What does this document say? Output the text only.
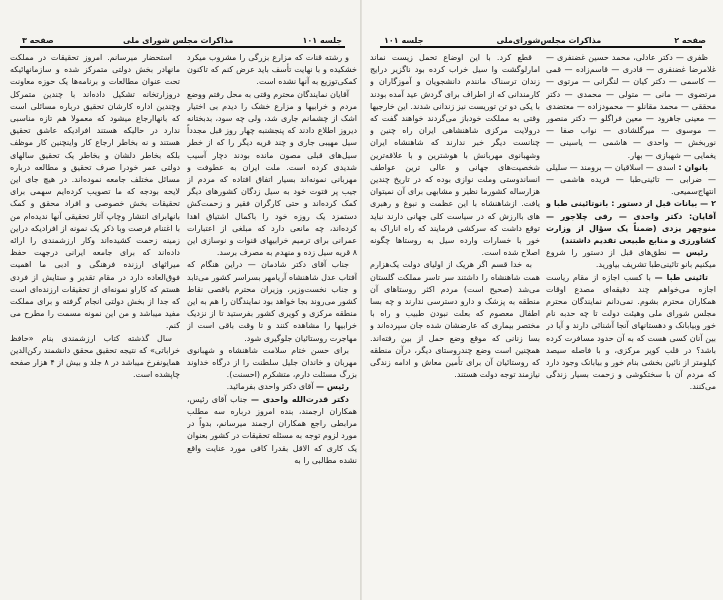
جلسه ۱۰۱
مذاکرات مجلس شورای ملی
صفحه ۳

و رشته قنات که مزارع بزرگی را مشروب میکرد خشکیده و با نهایت تأسف باید عرض کنم که تاکنون کمکی‌توزیع به آنها نشده است.

آقایان نمایندگان محترم وقتی به محل رفتم ووضع مردم و خرابیها و مزارع خشک را دیدم بی اختیار اشک از چشمانم جاری شد، ولی چه سود، بدبختانه دیروز اطلاع دادند که پنجشنبه چهار روز قبل مجدداً سیل مهیبی جاری و چند قریه دیگر را که از خطر سیل‌های قبلی مصون مانده بودند دچار آسیب شدیدی کرده است. ملت ایران به عطوفت و مهربانی نمونه‌اند بسیار اتفاق افتاده که مردم از جیب پر فتوت خود به سیل زدگان کشورهای دیگر کمک کرده‌اند و حتی کارگران فقیر و زحمت‌کش دستمزد یک روزه خود را باکمال اشتیاق اهدا کرده‌اند، چه مانعی دارد که مبلغی از اعتبارات عمرانی برای ترمیم خرابیهای قنوات و نوسازی این ۸ قریه سیل زده و منهدم به مصرف برسد.

جناب آقای دکتر شادمان — دراین هنگام که آفتاب عدل شاهنشاه آریامهر بسراسر کشور می‌تابد و جناب نخست‌وزیر، وزیران محترم باقصی نقاط کشور می‌روند بجا خواهد بود نمایندگان را هم به این منطقه مرکزی و کویری کشور بفرستید تا از نزدیک خرابیها را مشاهده کنند و تا وقت باقی است از مهاجرت روستائیان جلوگیری شود.

برای حسن ختام سلامت شاهنشاه و شهبانوی مهربان و خاندان جلیل سلطنت را از درگاه خداوند بزرگ مسئلت دارم، متشکرم (احسنت).

رئیس — آقای دکتر واحدی بفرمائید.

دکتر قدرت‌الله واحدی — جناب آقای رئیس، همکاران ارجمند، بنده امروز درباره سه مطلب مرابطی راجع همکاران ارجمند میرسانم، بدواً در مورد لزوم توجه به مسئله تحقیقات در کشور بعنوان یک کاری که الاقل بقدرا کافی مورد عنایت واقع نشده مطالبی را به

استحضار میرسانم. امروز تحقیقات در مملکت مانهادر بخش دولتی متمرکز شده و سازمانهائیکه تحت عنوان مطالعات و برنامه‌ها یک حوزه معاونت دروزارتخانه تشکیل داده‌اند با چندین متمرکل وچندین اداره کارشان تحقیق درباره مسائلی است که بانهاارجاع میشود که معمولا هم تازه مناسبی ندارد در حالیکه هستند افرادیکه عاشق تحقیق هستند و نه بخاطر ارجاع کار واینچنین کار موظف بلکه بخاطر دلشان و بخاطر یک تحقیق سالهای دولتی عمر خودرا صرف تحقیق و مطالعه درباره مسائل مختلف جامعه نموده‌اند. در هیچ جای این لایحه بودجه که ما تصویب کرده‌ایم سهمی برای تحقیقات بخش خصوصی و افراد محقق و کمک بانهابرای انتشار وچاپ آثار تحقیقی آنها ندیده‌ام من با اغتنام فرصت وبا ذکر یک نمونه از افرادیکه دراین زمینه زحمت کشیده‌اند وکار ارزشمندی را ارائه داده‌اند که برای جامعه ایرانی درجهت حفظ میراثهای ارزنده فرهنگی و ادبی ما اهمیت فوق‌العاده دارد در مقام تقدیر و ستایش از فردی هستم که کاراو نمونه‌ای از تحقیقات ارزنده‌ای است که جدا از بخش دولتی انجام گرفته و برای مملکت مفید میباشد و من این نمونه مسمت را مطرح می کنم.

سال گذشته کتاب ارزشمندی بنام «حافظ‌ خراباتی» که نتیجه تحقیق محقق دانشمند رکن‌الدین همایونفرخ میباشد در ۸ جلد و بیش از ۴ هزار صفحه چاپشده است.

صفحه ۲
مذاکرات مجلس‌شورای‌ملی
جلسه ۱۰۱

ظفری — دکتر عادلی، محمد حسین غضنفری — غلامرضا غضنفری — قادری — قاسم‌زاده — قمی — کاسمی — دکتر کیان — لنگرانی — مرتوی — مرتضوی — مانی — متولی — محمدی — دکتر محققی — محمد مقانلو — محمودزاده — معتضدی — معینی‌ جاهرود — معین‌ فراگلو — دکتر منصور — موسوی — میرگلشادی — نواب صفا — نوربخش — واحدی — هاشمی — یاسینی — یغمایی — شهبازی — بهار.

بانوان : اسدی — اسلاقیان — برومند — سلیلی — ضرابی — تائینی‌طبا — فریده هاشمی — انتهاج‌سمیعی.

۲ — بیانات قبل از دستور : بانوتائینی طبا و آقایان: دکتر واحدی — رفی چلاجور — منوچهر یزدی (ضمناً یک سؤال از وزارت کشاورزی و منابع طبیعی تقدیم داشتند)

رئیس — نطق‌های قبل از دستور را شروع میکنیم بانو تائینی‌طبا تشریف بیاورید.

تائینی طبا — با کسب اجازه از مقام ریاست اجازه می‌خواهم چند دقیقه‌ای مصدع اوقات همکاران محترم بشوم. نمی‌دانم نمایندگان محترم مجلس شورای ملی وهیئت دولت تا چه حدبه نام خور وبیابانک و دهستانهای آنجا آشنائی دارند و آیا در بین آنان کسی هست که به آن حدود مسافرت کرده باشد؟ در قلب کویر مرکزی، و با فاصله سیصد کیلومتر از نائین بخشی بنام خور و بیابانک وجود دارد که مردم آن با سختکوشی و زحمت بسیار زندگی می‌کنند.

قطع کرد. با این اوضاع تحمل زیست نماند امارلوگشت وا سیل خراب کرده بود ناگزیر درایج زندان ترسناک مانندم دانشجویان و آموزگاران و کارمندانی که از اطراف برای گردش عید آمده بودند با یکی دو تن توریست نیز زندانی شدند. این خارجیها وقتی به مملکت خودباز می‌گردند خواهند گفت که درولایت مرکزی شاهنشاهی ایران راه چنین و چنانست دیگر خبر ندارند که شاهنشاه ایران وشهبانوی مهربانش با هوشترین و با علاقه‌ترین شخصیت‌های جهانی و عالی ترین عواطف انساندوستی وملت نوازی بوده که در تاریخ چندین هزارساله کشورما نظیر و مشابهی برای آن نمیتوان یافت. ازشاهنشاه با این عظمت و نبوغ و رهبری های باارزش که در سیاست کلی جهانی دارند نباید توقع داشت که سرکشی فرمایند که راه اناراک به خور با خسارات وارده سیل به روستاها چگونه اصلاح شده است.

به خدا قسم اگر هریک از اولیای دولت یک‌هزارم همت شاهنشاه را داشتند سر تاسر مملکت گلستان می‌شد (صحیح است) مردم اکثر روستاهای آن منطقه به پزشک و دارو دسترسی ندارند و چه بسا اطفال معصوم که بعلت نبودن طبیب و راه با مختصر بیماری که عارضشان شده جان سپرده‌اند و بسا زنانی که موقع وضع حمل از بین رفته‌اند. همچنین است وضع چندروستای دیگر، درآن منطقه که روستائیان آن برای تأمین معاش و ادامه زندگی نیازمند توجه دولت هستند.
